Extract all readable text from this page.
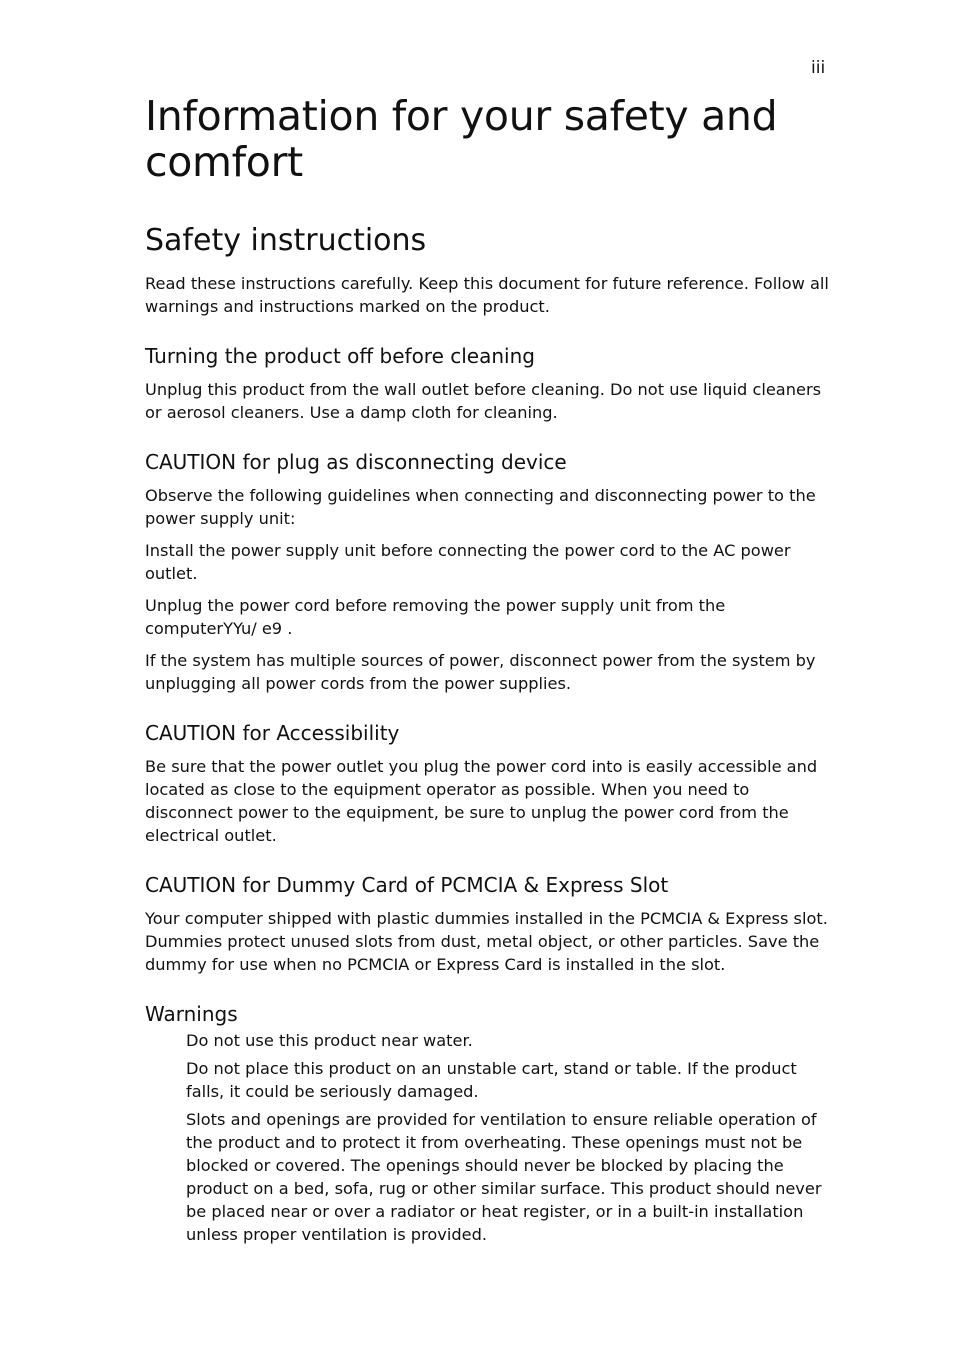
iii
Information for your safety and comfort
Safety instructions

Read these instructions carefully. Keep this document for future reference. Follow all warnings and instructions marked on the product.

Turning the product off before cleaning

Unplug this product from the wall outlet before cleaning. Do not use liquid cleaners or aerosol cleaners. Use a damp cloth for cleaning.

CAUTION for plug as disconnecting device

Observe the following guidelines when connecting and disconnecting power to the power supply unit:

Install the power supply unit before connecting the power cord to the AC power outlet.

Unplug the power cord before removing the power supply unit from the computerYYu/ e9 .

If the system has multiple sources of power, disconnect power from the system by unplugging all power cords from the power supplies.

CAUTION for Accessibility

Be sure that the power outlet you plug the power cord into is easily accessible and located as close to the equipment operator as possible. When you need to disconnect power to the equipment, be sure to unplug the power cord from the electrical outlet.

CAUTION for Dummy Card of PCMCIA & Express Slot

Your computer shipped with plastic dummies installed in the PCMCIA & Express slot. Dummies protect unused slots from dust, metal object, or other particles. Save the dummy for use when no PCMCIA or Express Card is installed in the slot.

Warnings
Do not use this product near water.
Do not place this product on an unstable cart, stand or table. If the product falls, it could be seriously damaged.
Slots and openings are provided for ventilation to ensure reliable operation of the product and to protect it from overheating. These openings must not be blocked or covered. The openings should never be blocked by placing the product on a bed, sofa, rug or other similar surface. This product should never be placed near or over a radiator or heat register, or in a built-in installation unless proper ventilation is provided.
